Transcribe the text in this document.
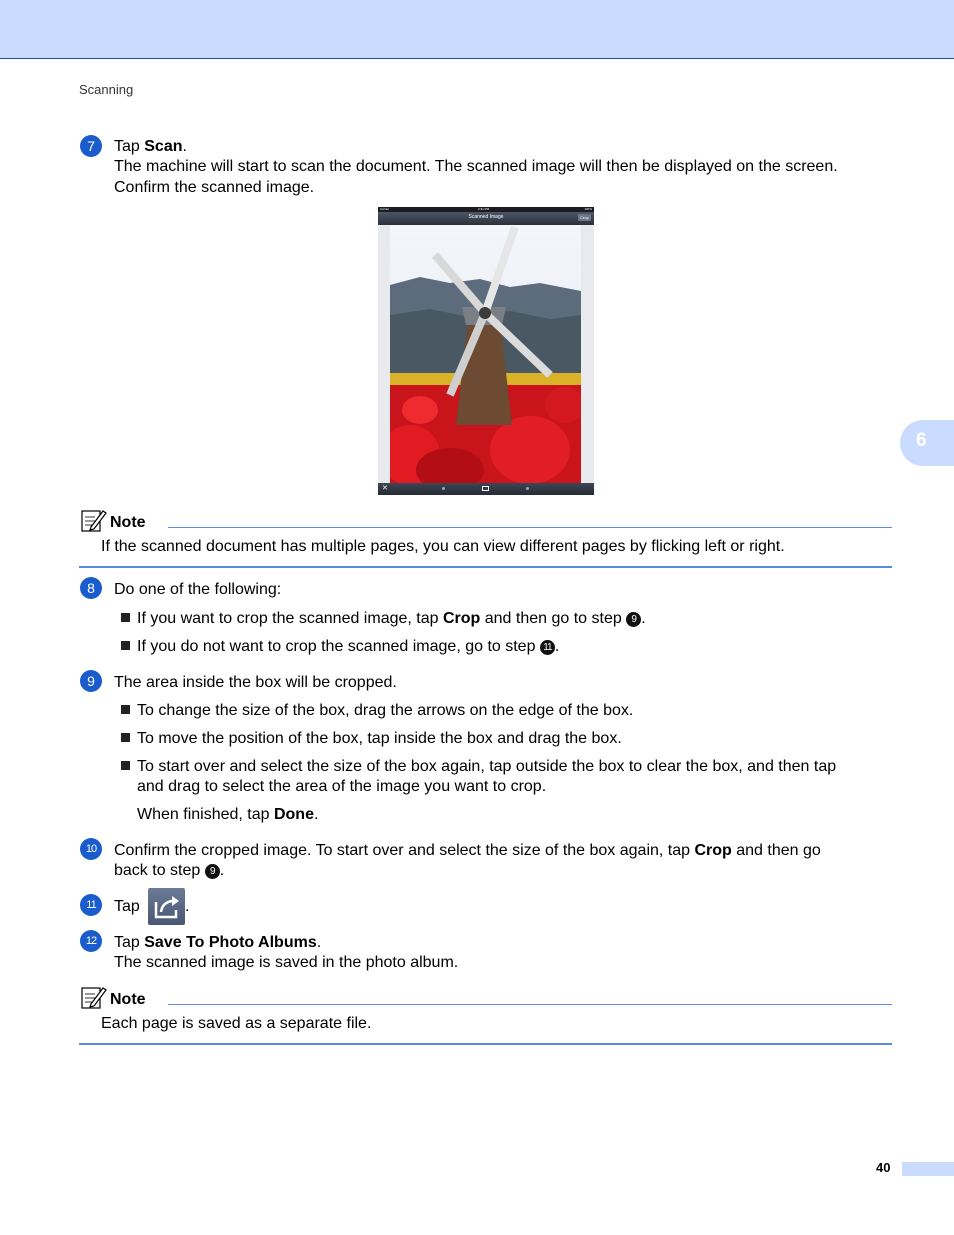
Scanning
6
7	Tap Scan.
The machine will start to scan the document. The scanned image will then be displayed on the screen.
Confirm the scanned image.
Carrier	2:31 PM	100%
Scanned Image	Crop
✕
Note
If the scanned document has multiple pages, you can view different pages by flicking left or right.
8	Do one of the following:
If you want to crop the scanned image, tap Crop and then go to step 9 .
If you do not want to crop the scanned image, go to step 11 .
9	The area inside the box will be cropped.
To change the size of the box, drag the arrows on the edge of the box.
To move the position of the box, tap inside the box and drag the box.
To start over and select the size of the box again, tap outside the box to clear the box, and then tap
and drag to select the area of the image you want to crop.
When finished, tap Done.
10	Confirm the cropped image. To start over and select the size of the box again, tap Crop and then go
back to step 9 .
11	Tap	.
12	Tap Save To Photo Albums.
The scanned image is saved in the photo album.
Note
Each page is saved as a separate file.
40
